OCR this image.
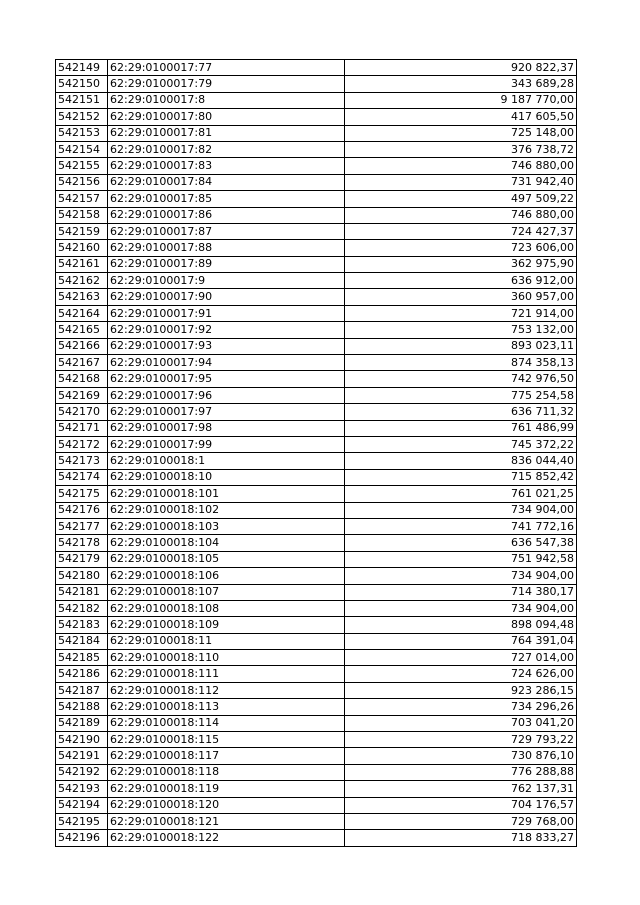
542149	62:29:0100017:77	920 822,37
542150	62:29:0100017:79	343 689,28
542151	62:29:0100017:8	9 187 770,00
542152	62:29:0100017:80	417 605,50
542153	62:29:0100017:81	725 148,00
542154	62:29:0100017:82	376 738,72
542155	62:29:0100017:83	746 880,00
542156	62:29:0100017:84	731 942,40
542157	62:29:0100017:85	497 509,22
542158	62:29:0100017:86	746 880,00
542159	62:29:0100017:87	724 427,37
542160	62:29:0100017:88	723 606,00
542161	62:29:0100017:89	362 975,90
542162	62:29:0100017:9	636 912,00
542163	62:29:0100017:90	360 957,00
542164	62:29:0100017:91	721 914,00
542165	62:29:0100017:92	753 132,00
542166	62:29:0100017:93	893 023,11
542167	62:29:0100017:94	874 358,13
542168	62:29:0100017:95	742 976,50
542169	62:29:0100017:96	775 254,58
542170	62:29:0100017:97	636 711,32
542171	62:29:0100017:98	761 486,99
542172	62:29:0100017:99	745 372,22
542173	62:29:0100018:1	836 044,40
542174	62:29:0100018:10	715 852,42
542175	62:29:0100018:101	761 021,25
542176	62:29:0100018:102	734 904,00
542177	62:29:0100018:103	741 772,16
542178	62:29:0100018:104	636 547,38
542179	62:29:0100018:105	751 942,58
542180	62:29:0100018:106	734 904,00
542181	62:29:0100018:107	714 380,17
542182	62:29:0100018:108	734 904,00
542183	62:29:0100018:109	898 094,48
542184	62:29:0100018:11	764 391,04
542185	62:29:0100018:110	727 014,00
542186	62:29:0100018:111	724 626,00
542187	62:29:0100018:112	923 286,15
542188	62:29:0100018:113	734 296,26
542189	62:29:0100018:114	703 041,20
542190	62:29:0100018:115	729 793,22
542191	62:29:0100018:117	730 876,10
542192	62:29:0100018:118	776 288,88
542193	62:29:0100018:119	762 137,31
542194	62:29:0100018:120	704 176,57
542195	62:29:0100018:121	729 768,00
542196	62:29:0100018:122	718 833,27
